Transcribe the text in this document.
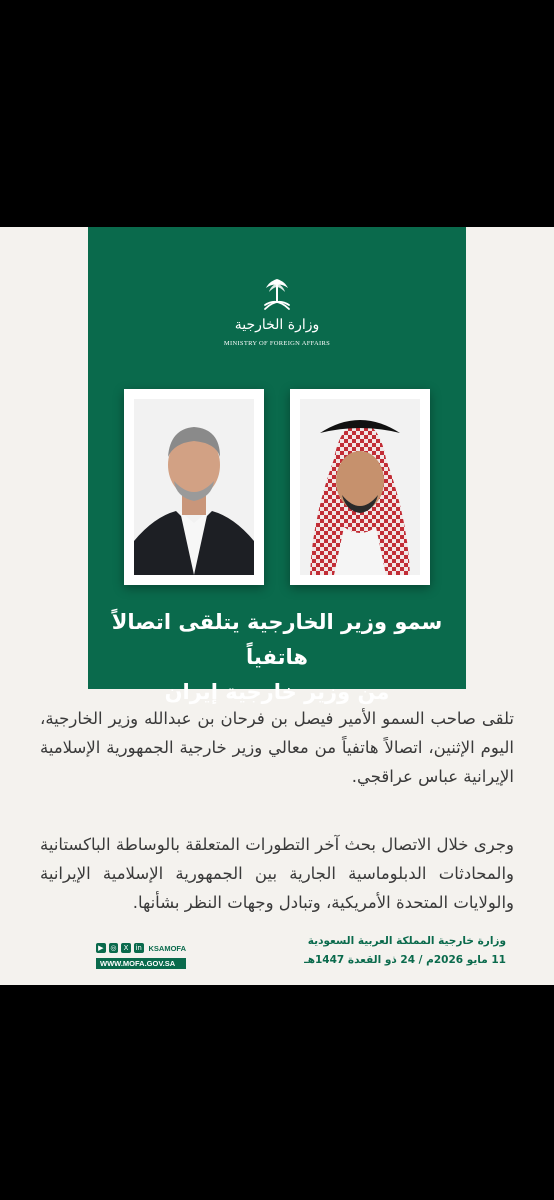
وزارة الخارجية
MINISTRY OF FOREIGN AFFAIRS
سمو وزير الخارجية يتلقى اتصالاً هاتفياً
من وزير خارجية إيران
تلقى صاحب السمو الأمير فيصل بن فرحان بن عبدالله وزير الخارجية، اليوم الإثنين، اتصالاً هاتفياً من معالي وزير خارجية الجمهورية الإسلامية الإيرانية عباس عراقجي.
وجرى خلال الاتصال بحث آخر التطورات المتعلقة بالوساطة الباكستانية والمحادثات الدبلوماسية الجارية بين الجمهورية الإسلامية الإيرانية والولايات المتحدة الأمريكية، وتبادل وجهات النظر بشأنها.
▶ ◎	X	in KSAMOFA
WWW.MOFA.GOV.SA
وزارة خارجية المملكة العربية السعودية
11 مايو 2026م / 24 ذو القعدة 1447هـ
